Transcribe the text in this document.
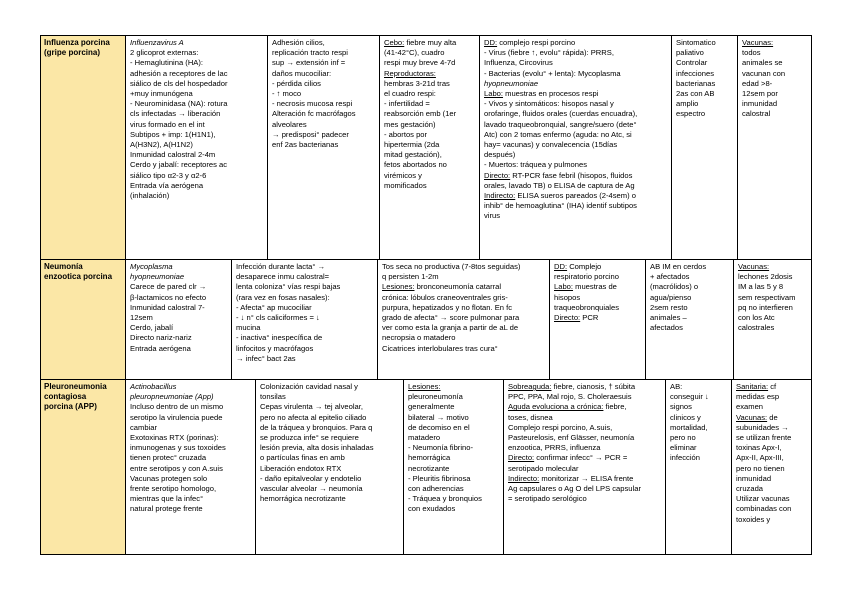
Influenza porcina
(gripe porcina)
Influenzavirus A
2 glicoprot externas:
- Hemaglutinina (HA):
adhesión a receptores de lac
siálico de cls del hospedador
+muy inmunógena
- Neurominidasa (NA): rotura
cls infectadas → liberación
virus formado en el int
Subtipos + imp: 1(H1N1),
A(H3N2), A(H1N2)
Inmunidad calostral 2-4m
Cerdo y jabalí: receptores ac
siálico tipo α2-3 y α2-6
Entrada vía aerógena
(inhalación)
Adhesión cilios,
replicación tracto respi
sup → extensión inf =
daños mucociliar:
- pérdida cilios
- ↑ moco
- necrosis mucosa respi
Alteración fc macrófagos
alveolares
→ predisposi° padecer
enf 2as bacterianas
Cebo: fiebre muy alta
(41-42°C), cuadro
respi muy breve 4-7d
Reproductoras:
hembras 3-21d tras
el cuadro respi:
- infertilidad =
reabsorción emb (1er
mes gestación)
- abortos por
hipertermia (2da
mitad gestación),
fetos abortados no
virémicos y
momificados
DD: complejo respi porcino
- Virus (fiebre ↑, evolu° rápida): PRRS,
Influenza, Circovirus
- Bacterias (evolu° + lenta): Mycoplasma
hyopneumoniae
Labo: muestras en procesos respi
- Vivos y sintomáticos: hisopos nasal y
orofaringe, fluidos orales (cuerdas encuadra),
lavado traqueobronquial, sangre/suero (dete°
Atc) con 2 tomas enfermo (aguda: no Atc, si
hay= vacunas) y convalecencia (15días
después)
- Muertos: tráquea y pulmones
Directo: RT-PCR fase febril (hisopos, fluidos
orales, lavado TB) o ELISA de captura de Ag
Indirecto: ELISA sueros pareados (2-4sem) o
inhib° de hemoaglutina° (IHA) identif subtipos
virus
Sintomatico
paliativo
Controlar
infecciones
bacterianas
2as con AB
amplio
espectro
Vacunas:
todos
animales se
vacunan con
edad >8-
12sem por
inmunidad
calostral
Neumonía
enzootica porcina
Mycoplasma
hyopneumoniae
Carece de pared clr →
β-lactamicos no efecto
Inmunidad calostral 7-
12sem
Cerdo, jabalí
Directo nariz-nariz
Entrada aerógena
Infección durante lacta° →
desaparece inmu calostral=
lenta coloniza° vías respi bajas
(rara vez en fosas nasales):
- Afecta° ap mucociliar
- ↓ n° cls caliciformes = ↓
mucina
- inactiva° inespecífica de
linfocitos y macrófagos
→ infec° bact 2as
Tos seca no productiva (7-8tos seguidas)
q persisten 1-2m
Lesiones: bronconeumonía catarral
crónica: lóbulos craneoventrales gris-
purpura, hepatizados y no flotan. En fc
grado de afecta° → score pulmonar para
ver como esta la granja a partir de aL de
necropsia o matadero
Cicatrices interlobulares tras cura°
DD: Complejo
respiratorio porcino
Labo: muestras de
hisopos
traqueobronquiales
Directo: PCR
AB IM en cerdos
+ afectados
(macrólidos) o
agua/pienso
2sem resto
animales –
afectados
Vacunas:
lechones 2dosis
IM a las 5 y 8
sem respectivam
pq no interfieren
con los Atc
calostrales
Pleuroneumonia
contagiosa
porcina (APP)
Actinobacillus
pleuropneumoniae (App)
Incluso dentro de un mismo
serotipo la virulencia puede
cambiar
Exotoxinas RTX (porinas):
inmunogenas y sus toxoides
tienen protec° cruzada
entre serotipos y con A.suis
Vacunas protegen solo
frente serotipo homologo,
mientras que la infec°
natural protege frente
Colonización cavidad nasal y
tonsilas
Cepas virulenta → tej alveolar,
pero no afecta al epitelio ciliado
de la tráquea y bronquios. Para q
se produzca infe° se requiere
lesión previa, alta dosis inhaladas
o partículas finas en amb
Liberación endotox RTX
- daño epitalveolar y endotelio
vascular alveolar → neumonía
hemorrágica necrotizante
Lesiones:
pleuroneumonía
generalmente
bilateral → motivo
de decomiso en el
matadero
- Neumonía fibrino-
hemorrágica
necrotizante
- Pleuritis fibrinosa
con adherencias
- Tráquea y bronquios
con exudados
Sobreaguda: fiebre, cianosis, † súbita
PPC, PPA, Mal rojo, S. Choleraesuis
Aguda evoluciona a crónica: fiebre,
toses, disnea
Complejo respi porcino, A.suis,
Pasteurelosis, enf Glässer, neumonía
enzootica, PRRS, influenza
Directo: confirmar infecc° → PCR =
serotipado molecular
Indirecto: monitorizar → ELISA frente
Ag capsulares o Ag O del LPS capsular
= serotipado serológico
AB:
conseguir ↓
signos
clinicos y
mortalidad,
pero no
eliminar
infección
Sanitaria: cf
medidas esp
examen
Vacunas: de
subunidades →
se utilizan frente
toxinas Apx-I,
Apx-II, Apx-III,
pero no tienen
inmunidad
cruzada
Utilizar vacunas
combinadas con
toxoides y
